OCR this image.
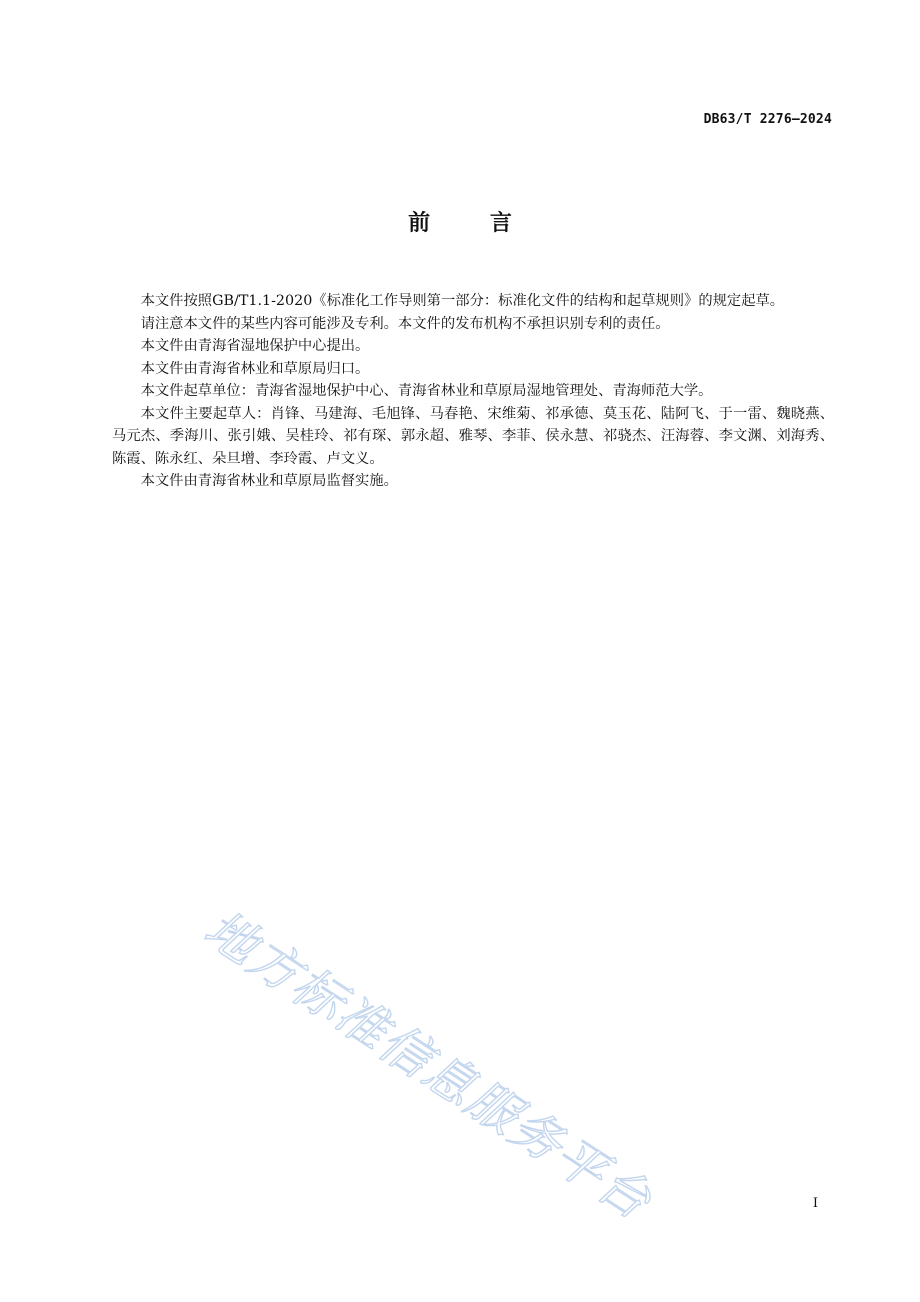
DB63/T 2276—2024
前 言

本文件按照GB/T1.1-2020《标准化工作导则第一部分：标准化文件的结构和起草规则》的规定起草。

请注意本文件的某些内容可能涉及专利。本文件的发布机构不承担识别专利的责任。

本文件由青海省湿地保护中心提出。

本文件由青海省林业和草原局归口。

本文件起草单位：青海省湿地保护中心、青海省林业和草原局湿地管理处、青海师范大学。

本文件主要起草人：肖锋、马建海、毛旭锋、马春艳、宋维菊、祁承德、莫玉花、陆阿飞、于一雷、魏晓燕、马元杰、季海川、张引娥、吴桂玲、祁有琛、郭永超、雅琴、李菲、侯永慧、祁骁杰、汪海蓉、李文渊、刘海秀、陈霞、陈永红、朵旦增、李玲霞、卢文义。

本文件由青海省林业和草原局监督实施。

地方标准信息服务平台	I
